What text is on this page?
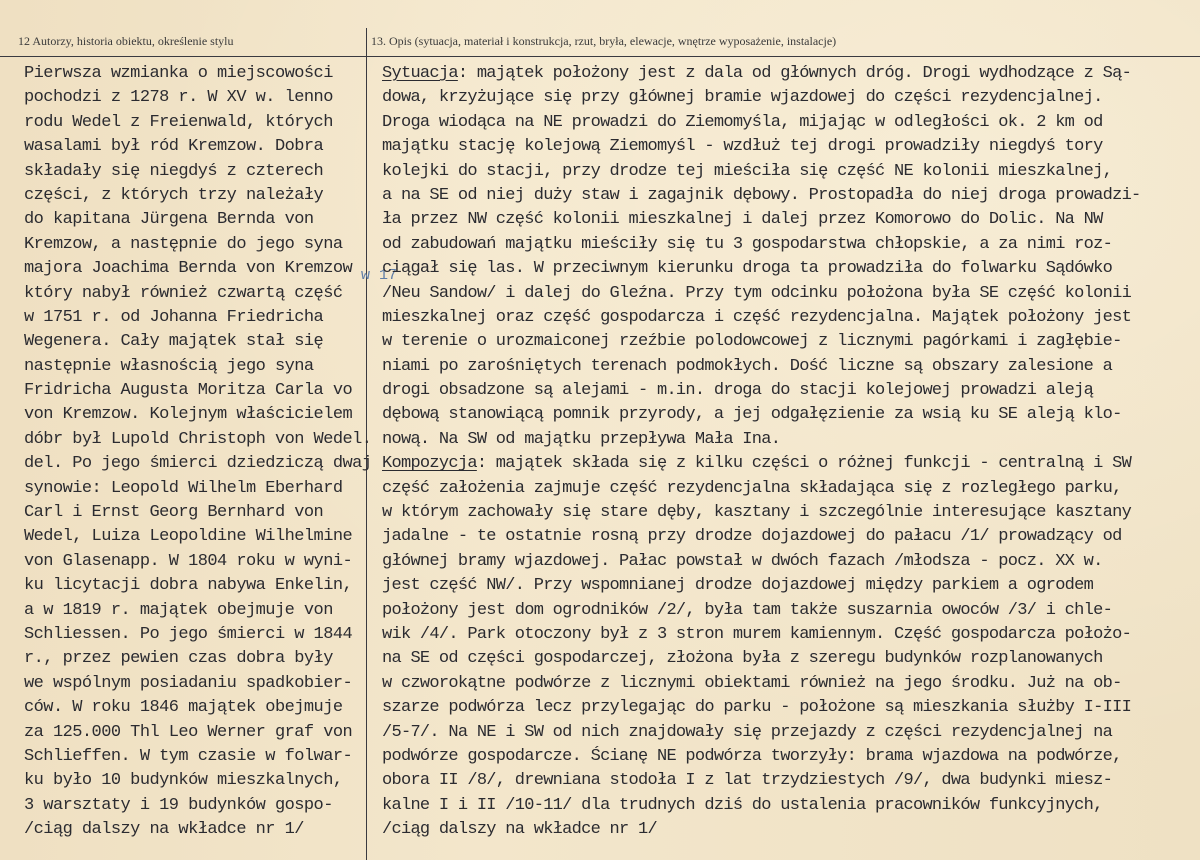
12 Autorzy, historia obiektu, określenie stylu	13. Opis (sytuacja, materiał i konstrukcja, rzut, bryła, elewacje, wnętrze wyposażenie, instalacje)
Pierwsza wzmianka o miejscowości
pochodzi z 1278 r. W XV w. lenno
rodu Wedel z Freienwald, których
wasalami był ród Kremzow. Dobra
składały się niegdyś z czterech
części, z których trzy należały
do kapitana Jürgena Bernda von
Kremzow, a następnie do jego syna
majora Joachima Bernda von Kremzow
który nabył również czwartą część
w 1751 r. od Johanna Friedricha
Wegenera. Cały majątek stał się
następnie własnością jego syna
Fridricha Augusta Moritza Carla vo
von Kremzow. Kolejnym właścicielem
dóbr był Lupold Christoph von Wedel.
del. Po jego śmierci dziedziczą dwaj
synowie: Leopold Wilhelm Eberhard
Carl i Ernst Georg Bernhard von
Wedel, Luiza Leopoldine Wilhelmine
von Glasenapp. W 1804 roku w wyni-
ku licytacji dobra nabywa Enkelin,
a w 1819 r. majątek obejmuje von
Schliessen. Po jego śmierci w 1844
r., przez pewien czas dobra były
we wspólnym posiadaniu spadkobier-
ców. W roku 1846 majątek obejmuje
za 125.000 Thl Leo Werner graf von
Schlieffen. W tym czasie w folwar-
ku było 10 budynków mieszkalnych,
3 warsztaty i 19 budynków gospo-
/ciąg dalszy na wkładce nr 1/
w 17
Sytuacja: majątek położony jest z dala od głównych dróg. Drogi wydhodzące z Są-
dowa, krzyżujące się przy głównej bramie wjazdowej do części rezydencjalnej.
Droga wiodąca na NE prowadzi do Ziemomyśla, mijając w odległości ok. 2 km od
majątku stację kolejową Ziemomyśl - wzdłuż tej drogi prowadziły niegdyś tory
kolejki do stacji, przy drodze tej mieściła się część NE kolonii mieszkalnej,
a na SE od niej duży staw i zagajnik dębowy. Prostopadła do niej droga prowadzi-
ła przez NW część kolonii mieszkalnej i dalej przez Komorowo do Dolic. Na NW
od zabudowań majątku mieściły się tu 3 gospodarstwa chłopskie, a za nimi roz-
ciągał się las. W przeciwnym kierunku droga ta prowadziła do folwarku Sądówko
/Neu Sandow/ i dalej do Gleźna. Przy tym odcinku położona była SE część kolonii
mieszkalnej oraz część gospodarcza i część rezydencjalna. Majątek położony jest
w terenie o urozmaiconej rzeźbie polodowcowej z licznymi pagórkami i zagłębie-
niami po zarośniętych terenach podmokłych. Dość liczne są obszary zalesione a
drogi obsadzone są alejami - m.in. droga do stacji kolejowej prowadzi aleją
dębową stanowiącą pomnik przyrody, a jej odgałęzienie za wsią ku SE aleją klo-
nową. Na SW od majątku przepływa Mała Ina.
Kompozycja: majątek składa się z kilku części o różnej funkcji - centralną i SW
część założenia zajmuje część rezydencjalna składająca się z rozległego parku,
w którym zachowały się stare dęby, kasztany i szczególnie interesujące kasztany
jadalne - te ostatnie rosną przy drodze dojazdowej do pałacu /1/ prowadzący od
głównej bramy wjazdowej. Pałac powstał w dwóch fazach /młodsza - pocz. XX w.
jest część NW/. Przy wspomnianej drodze dojazdowej między parkiem a ogrodem
położony jest dom ogrodników /2/, była tam także suszarnia owoców /3/ i chle-
wik /4/. Park otoczony był z 3 stron murem kamiennym. Część gospodarcza położo-
na SE od części gospodarczej, złożona była z szeregu budynków rozplanowanych
w czworokątne podwórze z licznymi obiektami również na jego środku. Już na ob-
szarze podwórza lecz przylegając do parku - położone są mieszkania służby I-III
/5-7/. Na NE i SW od nich znajdowały się przejazdy z części rezydencjalnej na
podwórze gospodarcze. Ścianę NE podwórza tworzyły: brama wjazdowa na podwórze,
obora II /8/, drewniana stodoła I z lat trzydziestych /9/, dwa budynki miesz-
kalne I i II /10-11/ dla trudnych dziś do ustalenia pracowników funkcyjnych,
/ciąg dalszy na wkładce nr 1/
